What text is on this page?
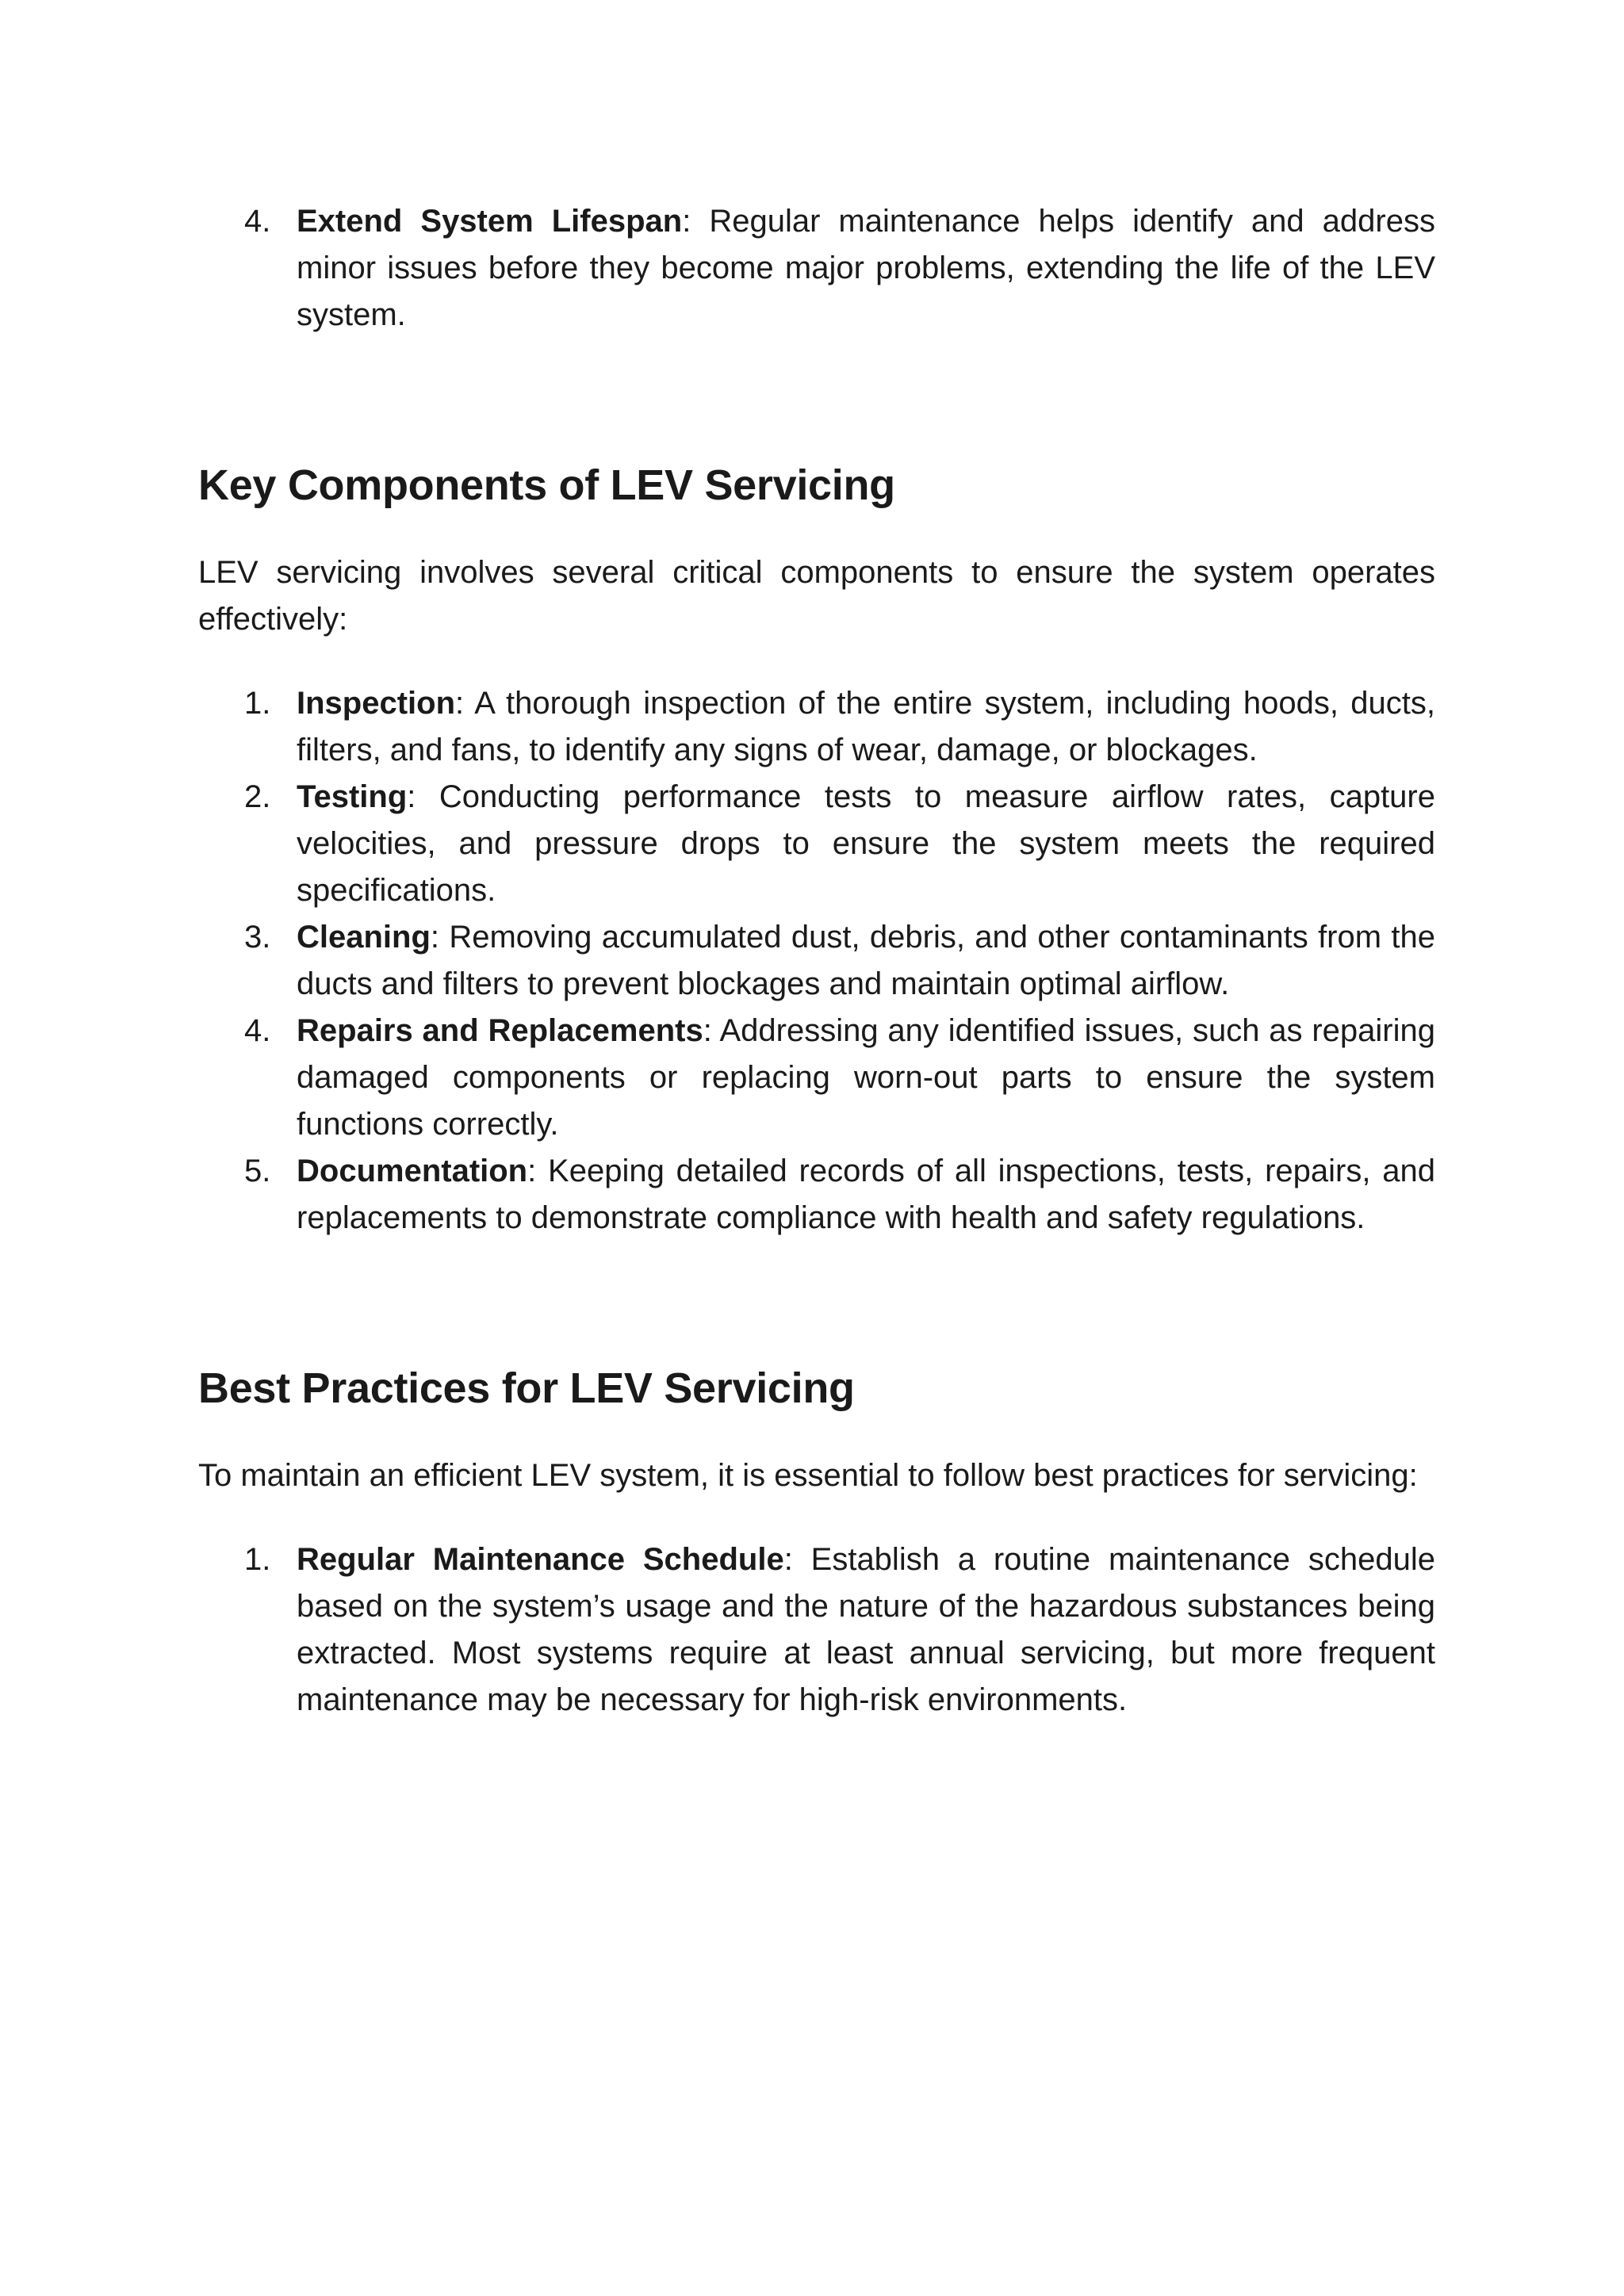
4. Extend System Lifespan: Regular maintenance helps identify and address minor issues before they become major problems, extending the life of the LEV system.
Key Components of LEV Servicing

LEV servicing involves several critical components to ensure the system operates effectively:

1. Inspection: A thorough inspection of the entire system, including hoods, ducts, filters, and fans, to identify any signs of wear, damage, or blockages.
2. Testing: Conducting performance tests to measure airflow rates, capture velocities, and pressure drops to ensure the system meets the required specifications.
3. Cleaning: Removing accumulated dust, debris, and other contaminants from the ducts and filters to prevent blockages and maintain optimal airflow.
4. Repairs and Replacements: Addressing any identified issues, such as repairing damaged components or replacing worn-out parts to ensure the system functions correctly.
5. Documentation: Keeping detailed records of all inspections, tests, repairs, and replacements to demonstrate compliance with health and safety regulations.
Best Practices for LEV Servicing

To maintain an efficient LEV system, it is essential to follow best practices for servicing:

1. Regular Maintenance Schedule: Establish a routine maintenance schedule based on the system’s usage and the nature of the hazardous substances being extracted. Most systems require at least annual servicing, but more frequent maintenance may be necessary for high-risk environments.
